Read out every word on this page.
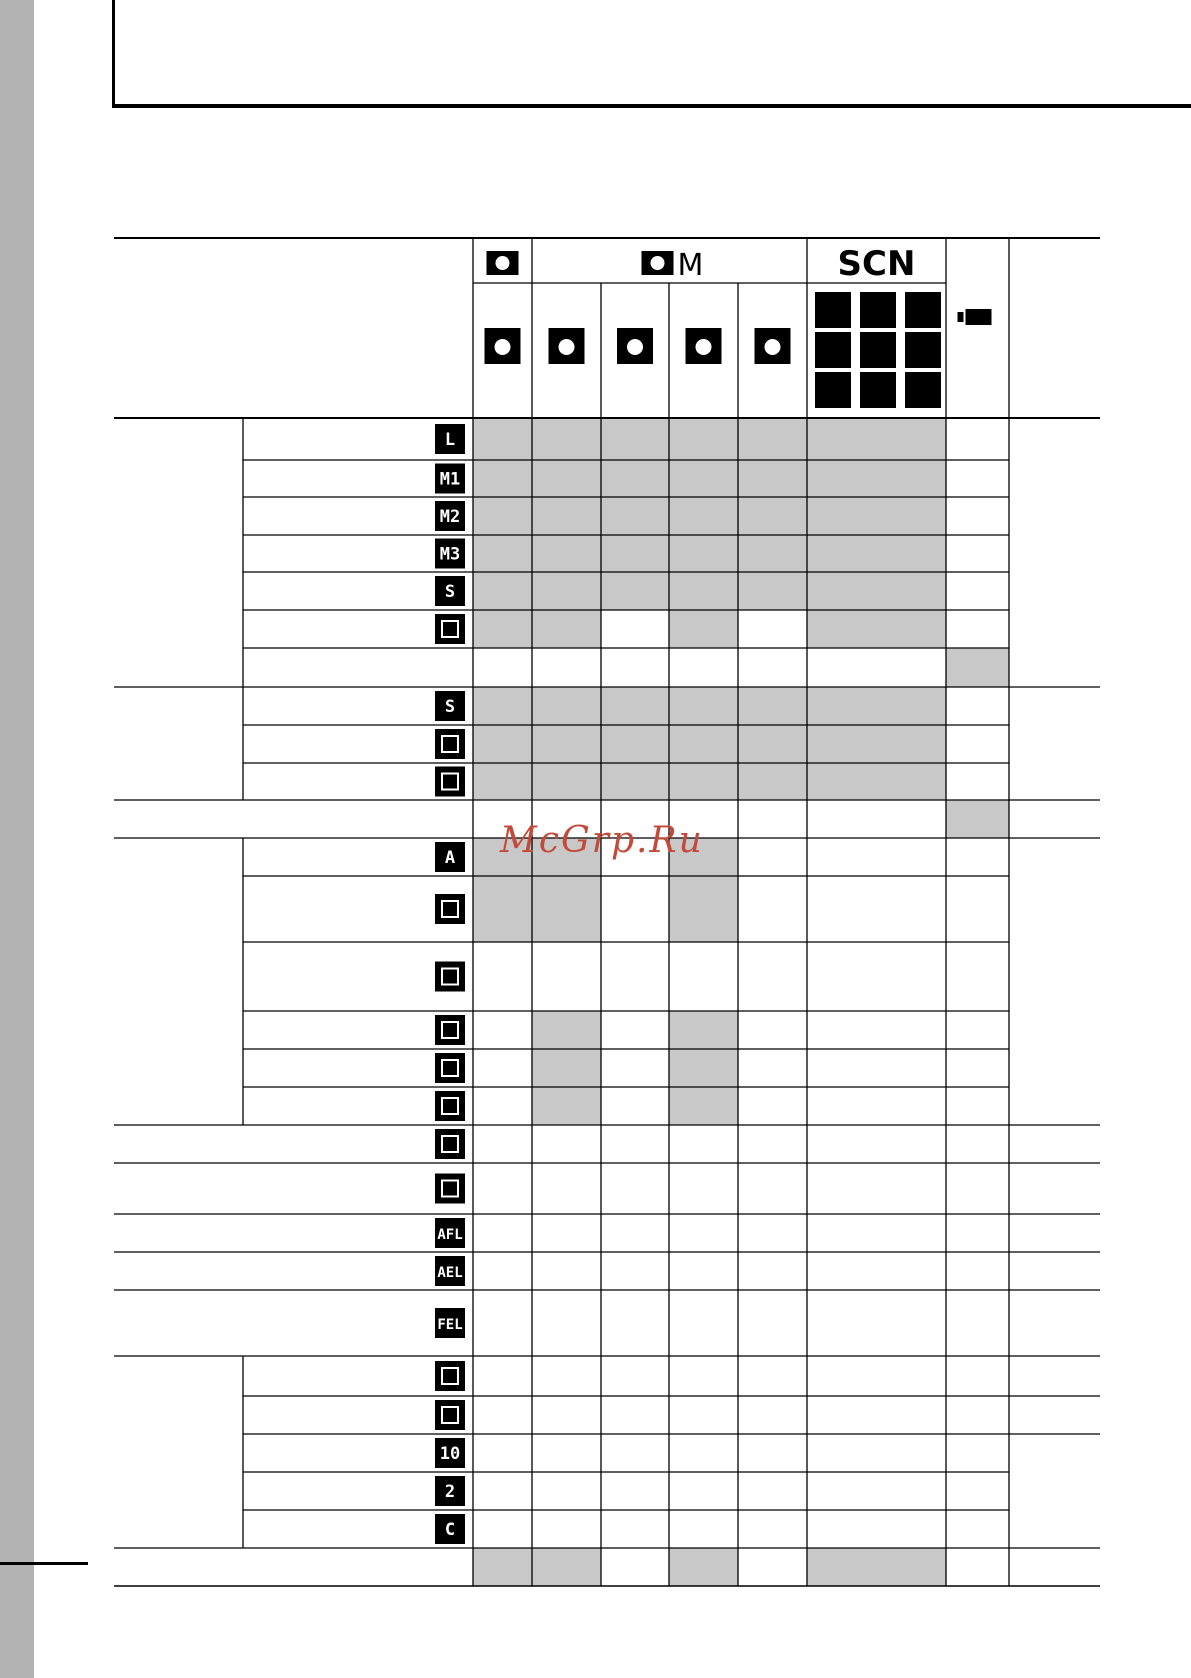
L
M1
M2
M3
S
S
A
AFL
AEL
FEL
10
2
C
M	SCN
McGrp.Ru
